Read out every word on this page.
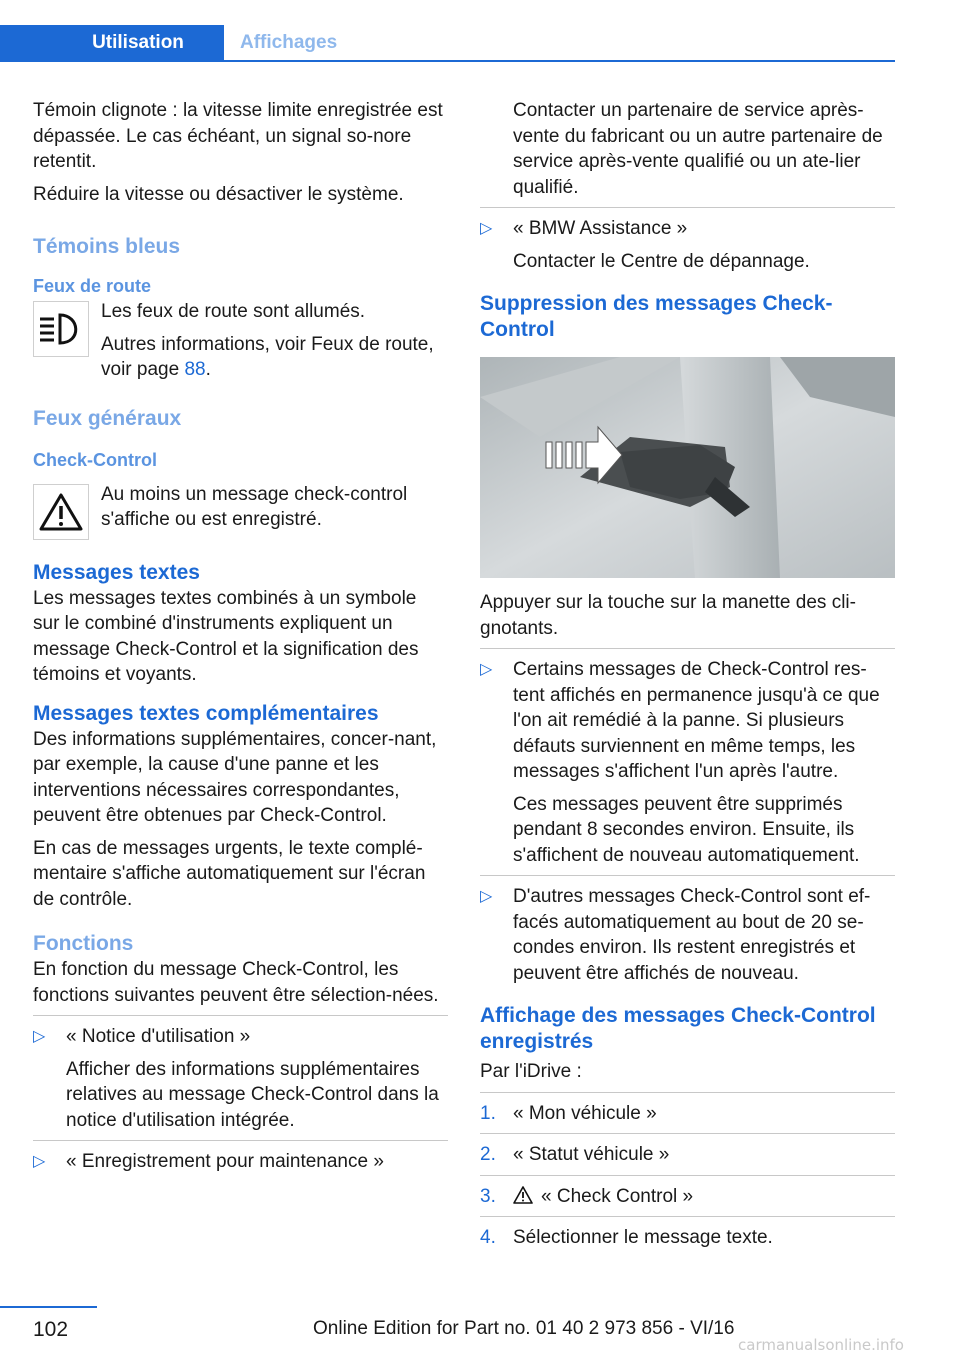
Utilisation	Affichages

Témoin clignote : la vitesse limite enregistrée est dépassée. Le cas échéant, un signal so-nore retentit.

Réduire la vitesse ou désactiver le système.

Témoins bleus
Feux de route

Les feux de route sont allumés.

Autres informations, voir Feux de route, voir page 88.

Feux généraux
Check-Control

Au moins un message check-control s'affiche ou est enregistré.

Messages textes

Les messages textes combinés à un symbole sur le combiné d'instruments expliquent un message Check-Control et la signification des témoins et voyants.

Messages textes complémentaires

Des informations supplémentaires, concer-nant, par exemple, la cause d'une panne et les interventions nécessaires correspondantes, peuvent être obtenues par Check-Control.

En cas de messages urgents, le texte complé-mentaire s'affiche automatiquement sur l'écran de contrôle.

Fonctions

En fonction du message Check-Control, les fonctions suivantes peuvent être sélection-nées.

▷ « Notice d'utilisation »

Afficher des informations supplémentaires relatives au message Check-Control dans la notice d'utilisation intégrée.

▷ « Enregistrement pour maintenance »

Contacter un partenaire de service après-vente du fabricant ou un autre partenaire de service après-vente qualifié ou un ate-lier qualifié.

▷ « BMW Assistance »

Contacter le Centre de dépannage.

Suppression des messages Check-Control

Appuyer sur la touche sur la manette des cli-gnotants.

▷ Certains messages de Check-Control res-tent affichés en permanence jusqu'à ce que l'on ait remédié à la panne. Si plusieurs défauts surviennent en même temps, les messages s'affichent l'un après l'autre.

Ces messages peuvent être supprimés pendant 8 secondes environ. Ensuite, ils s'affichent de nouveau automatiquement.

▷ D'autres messages Check-Control sont ef-facés automatiquement au bout de 20 se-condes environ. Ils restent enregistrés et peuvent être affichés de nouveau.

Affichage des messages Check-Control enregistrés

Par l'iDrive :

1. « Mon véhicule »

2. « Statut véhicule »

3.	« Check Control »

4. Sélectionner le message texte.

102	Online Edition for Part no. 01 40 2 973 856 - VI/16
carmanualsonline.info
